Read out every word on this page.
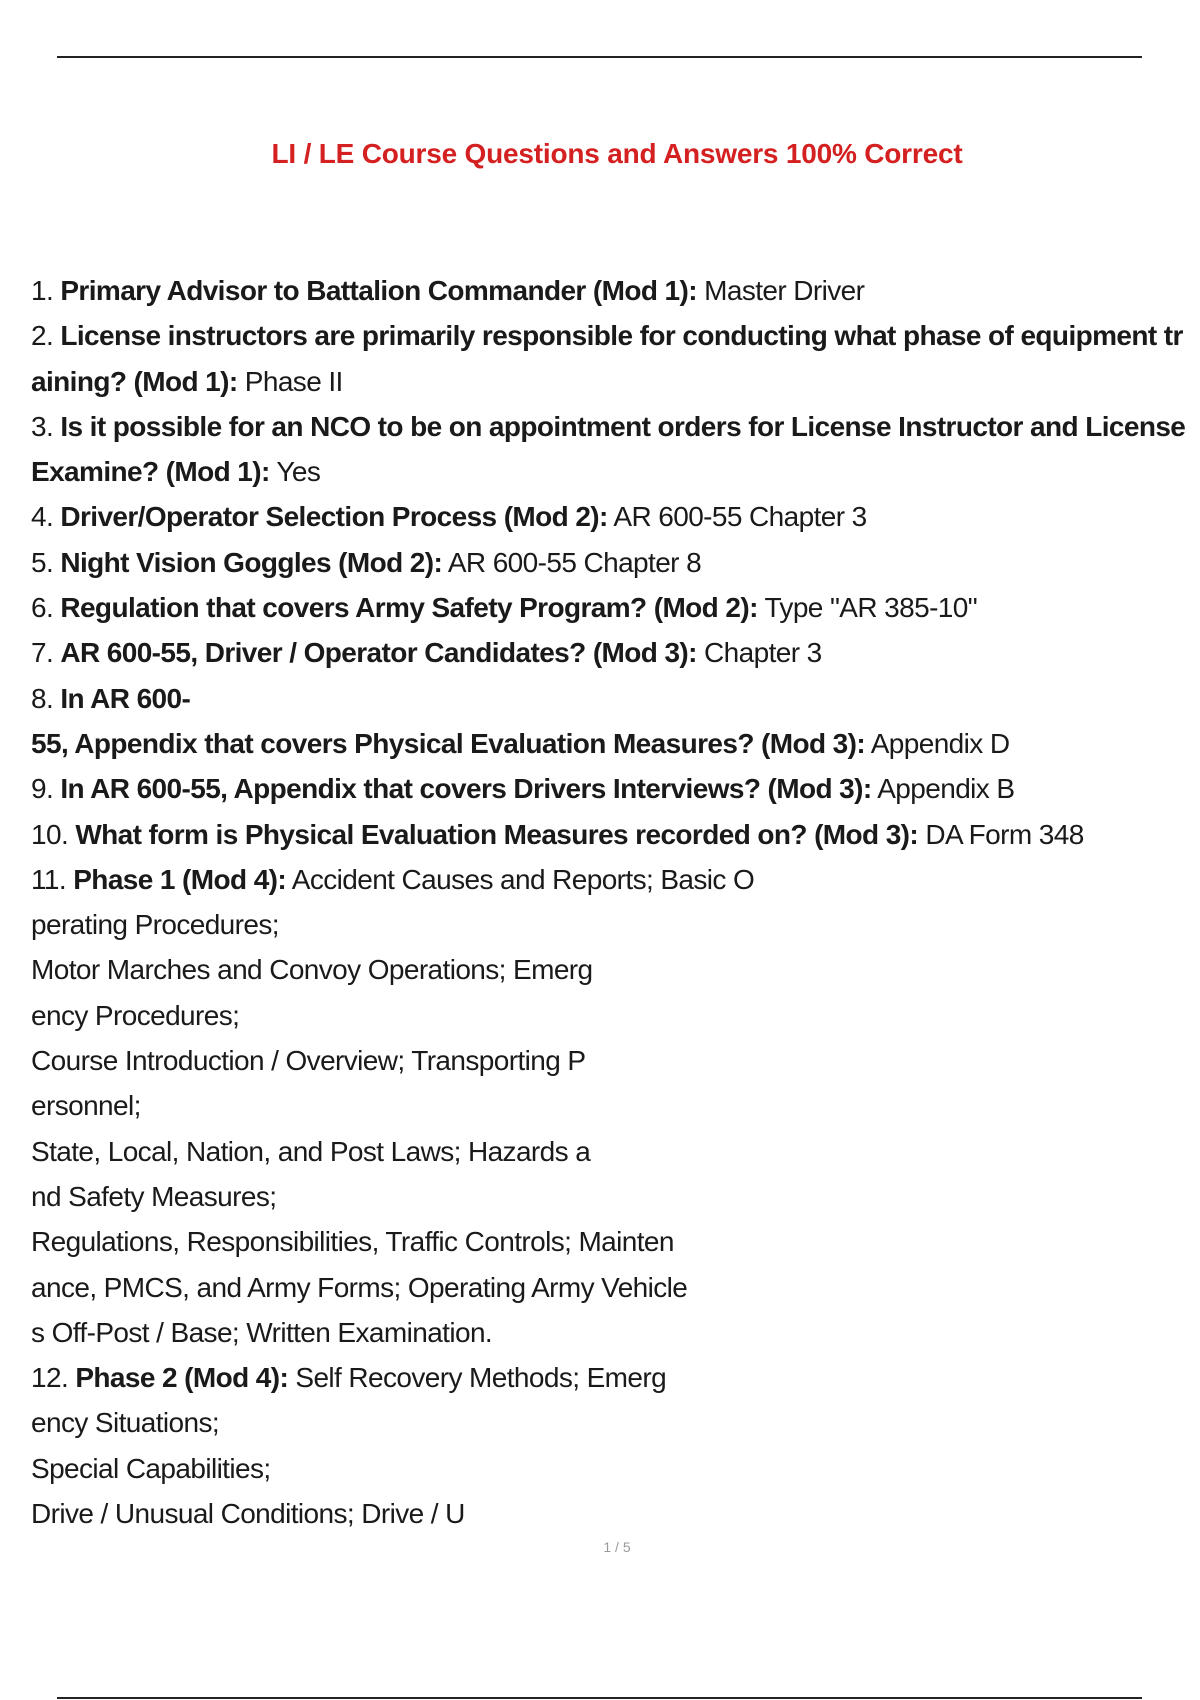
LI / LE Course Questions and Answers 100% Correct
1. Primary Advisor to Battalion Commander (Mod 1): Master Driver
2. License instructors are primarily responsible for conducting what phase of equipment tr
aining? (Mod 1): Phase II
3. Is it possible for an NCO to be on appointment orders for License Instructor and License
Examine? (Mod 1): Yes
4. Driver/Operator Selection Process (Mod 2): AR 600-55 Chapter 3
5. Night Vision Goggles (Mod 2): AR 600-55 Chapter 8
6. Regulation that covers Army Safety Program? (Mod 2): Type "AR 385-10"
7. AR 600-55, Driver / Operator Candidates? (Mod 3): Chapter 3
8. In AR 600-
55, Appendix that covers Physical Evaluation Measures? (Mod 3): Appendix D
9. In AR 600-55, Appendix that covers Drivers Interviews? (Mod 3): Appendix B
10. What form is Physical Evaluation Measures recorded on? (Mod 3): DA Form 348
11. Phase 1 (Mod 4): Accident Causes and Reports; Basic O
perating Procedures;
Motor Marches and Convoy Operations; Emerg
ency Procedures;
Course Introduction / Overview; Transporting P
ersonnel;
State, Local, Nation, and Post Laws; Hazards a
nd Safety Measures;
Regulations, Responsibilities, Traffic Controls; Mainten
ance, PMCS, and Army Forms; Operating Army Vehicle
s Off-Post / Base; Written Examination.
12. Phase 2 (Mod 4): Self Recovery Methods; Emerg
ency Situations;
Special Capabilities;
Drive / Unusual Conditions; Drive / U
1 / 5
